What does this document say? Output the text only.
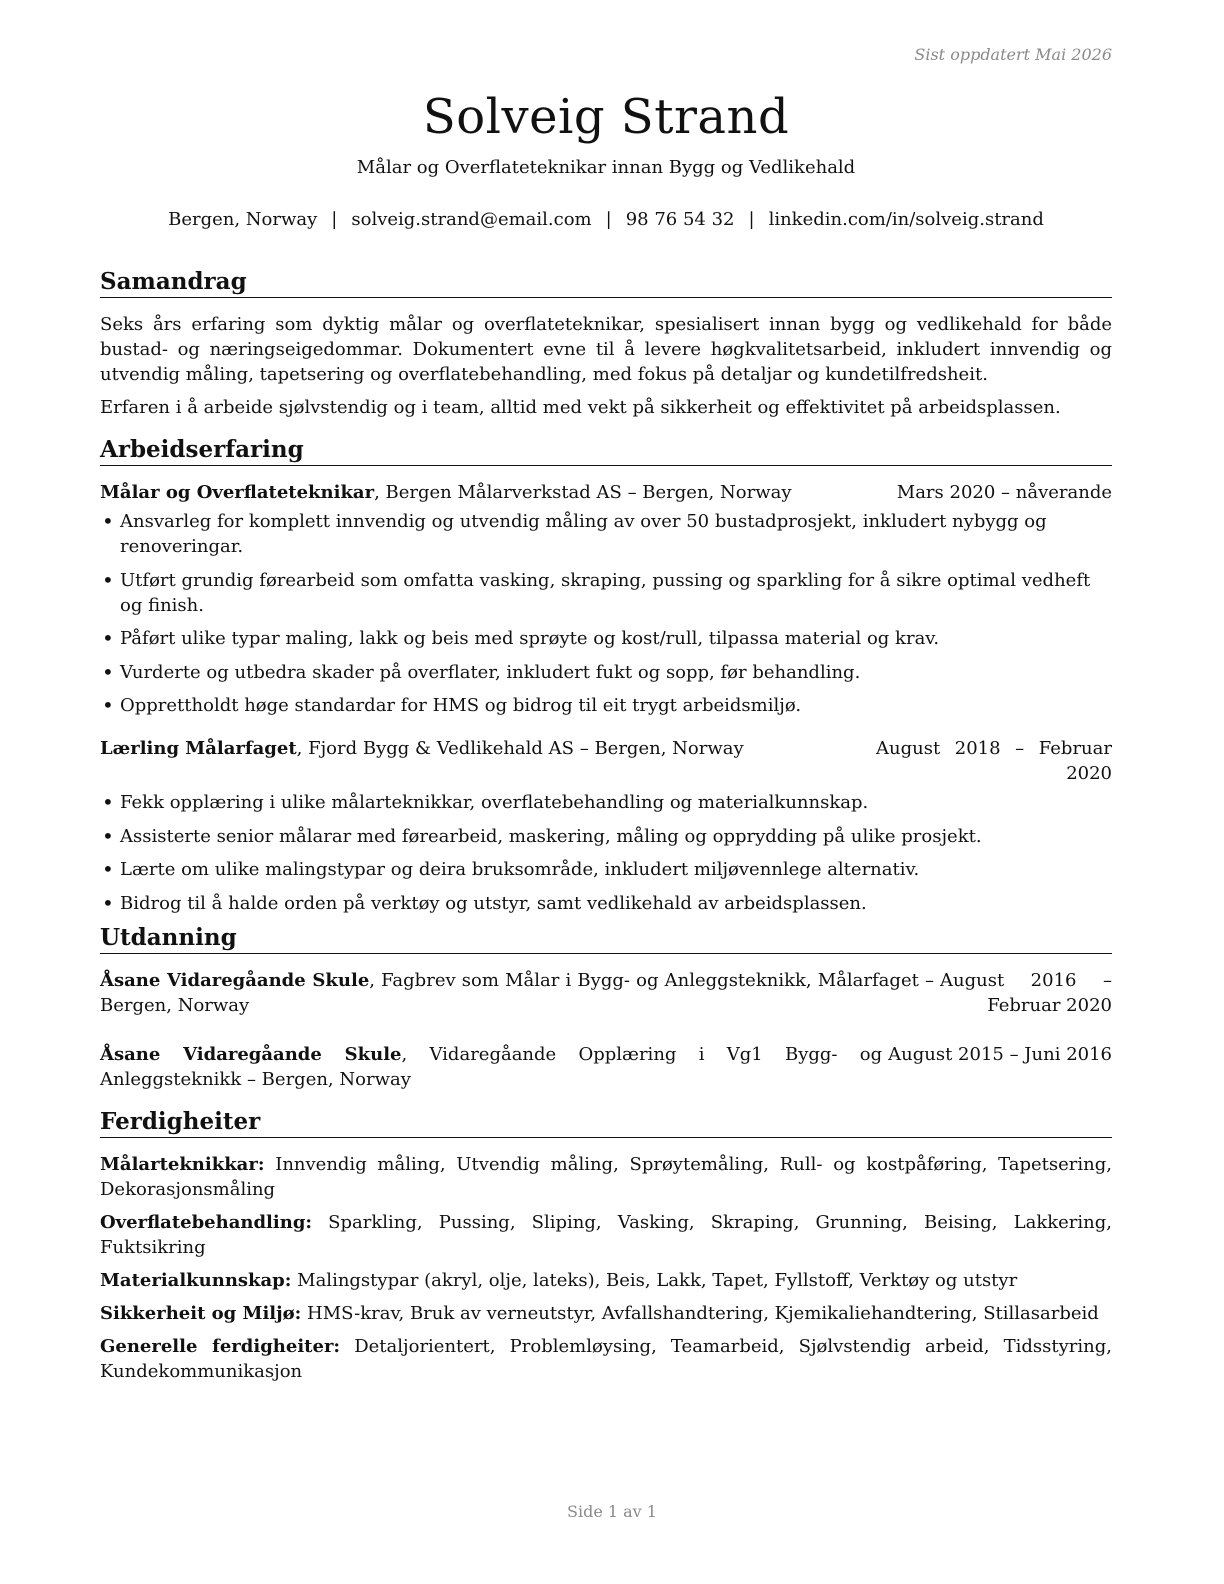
Sist oppdatert Mai 2026
Solveig Strand
Målar og Overflateteknikar innan Bygg og Vedlikehald
Bergen, Norway | solveig.strand@email.com | 98 76 54 32 | linkedin.com/in/solveig.strand
Samandrag

Seks års erfaring som dyktig målar og overflateteknikar, spesialisert innan bygg og vedlikehald for både bustad- og næringseigedommar. Dokumentert evne til å levere høgkvalitetsarbeid, inkludert innvendig og utvendig måling, tapetsering og overflatebehandling, med fokus på detaljar og kundetilfredsheit.

Erfaren i å arbeide sjølvstendig og i team, alltid med vekt på sikkerheit og effektivitet på arbeidsplassen.

Arbeidserfaring
Målar og Overflateteknikar, Bergen Målarverkstad AS – Bergen, Norway	Mars 2020 – nåverande
• Ansvarleg for komplett innvendig og utvendig måling av over 50 bustadprosjekt, inkludert nybygg og renoveringar.
• Utført grundig førearbeid som omfatta vasking, skraping, pussing og sparkling for å sikre optimal vedheft og finish.
• Påført ulike typar maling, lakk og beis med sprøyte og kost/rull, tilpassa material og krav.
• Vurderte og utbedra skader på overflater, inkludert fukt og sopp, før behandling.
• Opprettholdt høge standardar for HMS og bidrog til eit trygt arbeidsmiljø.
Lærling Målarfaget, Fjord Bygg & Vedlikehald AS – Bergen, Norway	August 2018 – Februar 2020
• Fekk opplæring i ulike målarteknikkar, overflatebehandling og materialkunnskap.
• Assisterte senior målarar med førearbeid, maskering, måling og opprydding på ulike prosjekt.
• Lærte om ulike malingstypar og deira bruksområde, inkludert miljøvennlege alternativ.
• Bidrog til å halde orden på verktøy og utstyr, samt vedlikehald av arbeidsplassen.
Utdanning
Åsane Vidaregåande Skule, Fagbrev som Målar i Bygg- og Anleggsteknikk, Målarfaget – Bergen, Norway
August 2016 – Februar 2020
Åsane Vidaregåande Skule, Vidaregåande Opplæring i Vg1 Bygg- og Anleggsteknikk – Bergen, Norway
August 2015 – Juni 2016
Ferdigheiter
Målarteknikkar: Innvendig måling, Utvendig måling, Sprøytemåling, Rull- og kostpåføring, Tapetsering, Dekorasjonsmåling
Overflatebehandling: Sparkling, Pussing, Sliping, Vasking, Skraping, Grunning, Beising, Lakkering, Fuktsikring
Materialkunnskap: Malingstypar (akryl, olje, lateks), Beis, Lakk, Tapet, Fyllstoff, Verktøy og utstyr
Sikkerheit og Miljø: HMS-krav, Bruk av verneutstyr, Avfallshandtering, Kjemikaliehandtering, Stillasarbeid
Generelle ferdigheiter: Detaljorientert, Problemløysing, Teamarbeid, Sjølvstendig arbeid, Tidsstyring, Kundekommunikasjon
Side 1 av 1
